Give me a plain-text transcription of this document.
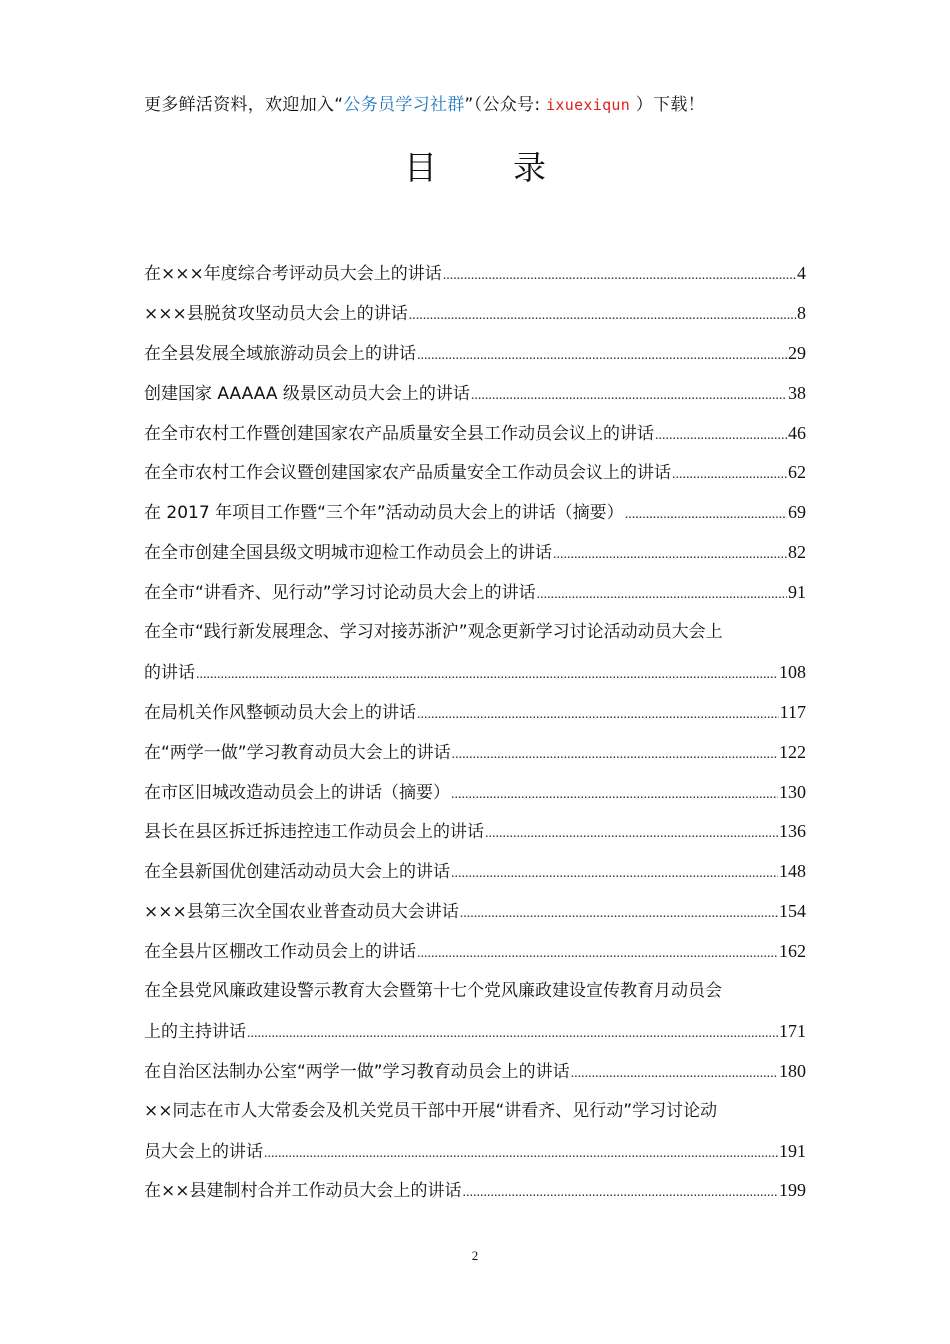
更多鲜活资料，欢迎加入“公务员学习社群”（公众号: ixuexiqun ）下载！
目 录
在×××年度综合考评动员大会上的讲话 .....	4
×××县脱贫攻坚动员大会上的讲话 .....	8
在全县发展全域旅游动员会上的讲话 .....	29
创建国家 AAAAA 级景区动员大会上的讲话 .....	38
在全市农村工作暨创建国家农产品质量安全县工作动员会议上的讲话 .....	46
在全市农村工作会议暨创建国家农产品质量安全工作动员会议上的讲话 .....	62
在 2017 年项目工作暨“三个年”活动动员大会上的讲话（摘要） .....	69
在全市创建全国县级文明城市迎检工作动员会上的讲话 .....	82
在全市“讲看齐、见行动”学习讨论动员大会上的讲话 .....	91
在全市“践行新发展理念、学习对接苏浙沪”观念更新学习讨论活动动员大会上
的讲话 .....	108
在局机关作风整顿动员大会上的讲话 .....	117
在“两学一做”学习教育动员大会上的讲话 .....	122
在市区旧城改造动员会上的讲话（摘要） .....	130
县长在县区拆迁拆违控违工作动员会上的讲话 .....	136
在全县新国优创建活动动员大会上的讲话 .....	148
×××县第三次全国农业普查动员大会讲话 .....	154
在全县片区棚改工作动员会上的讲话 .....	162
在全县党风廉政建设警示教育大会暨第十七个党风廉政建设宣传教育月动员会
上的主持讲话 .....	171
在自治区法制办公室“两学一做”学习教育动员会上的讲话 .....	180
××同志在市人大常委会及机关党员干部中开展“讲看齐、见行动”学习讨论动
员大会上的讲话 .....	191
在××县建制村合并工作动员大会上的讲话 .....	199
2
